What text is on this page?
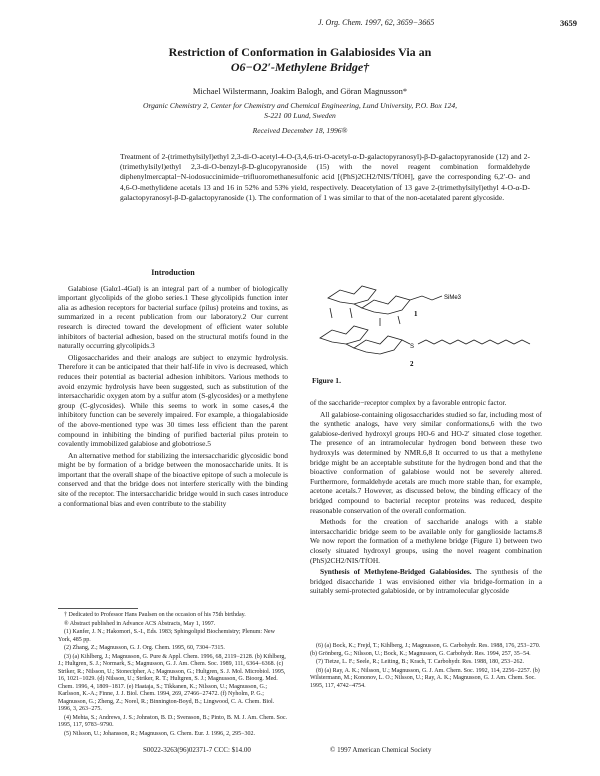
J. Org. Chem. 1997, 62, 3659−3665	3659
Restriction of Conformation in Galabiosides Via an
O6−O2′-Methylene Bridge†
Michael Wilstermann, Joakim Balogh, and Göran Magnusson*
Organic Chemistry 2, Center for Chemistry and Chemical Engineering, Lund University, P.O. Box 124,
S-221 00 Lund, Sweden
Received December 18, 1996®
Treatment of 2-(trimethylsilyl)ethyl 2,3-di-O-acetyl-4-O-(3,4,6-tri-O-acetyl-α-D-galactopyranosyl)-β-D-galactopyranoside (12) and 2-(trimethylsilyl)ethyl 2,3-di-O-benzyl-β-D-glucopyranoside (15) with the novel reagent combination formaldehyde diphenylmercaptal−N-iodosuccinimide−trifluoromethanesulfonic acid [(PhS)2CH2/NIS/TfOH], gave the corresponding 6,2′-O- and 4,6-O-methylidene acetals 13 and 16 in 52% and 53% yield, respectively. Deacetylation of 13 gave 2-(trimethylsilyl)ethyl 4-O-α-D-galactopyranosyl-β-D-galactopyranoside (1). The conformation of 1 was similar to that of the non-acetalated parent glycoside.
Introduction

Galabiose (Galα1-4Gal) is an integral part of a number of biologically important glycolipids of the globo series.1 These glycolipids function inter alia as adhesion receptors for bacterial surface (pilus) proteins and toxins, as summarized in a recent publication from our laboratory.2 Our current research is directed toward the development of efficient water soluble inhibitors of bacterial adhesion, based on the structural motifs found in the naturally occurring glycolipids.3

Oligosaccharides and their analogs are subject to enzymic hydrolysis. Therefore it can be anticipated that their half-life in vivo is decreased, which reduces their potential as bacterial adhesion inhibitors. Various methods to avoid enzymic hydrolysis have been suggested, such as substitution of the intersaccharidic oxygen atom by a sulfur atom (S-glycosides) or a methylene group (C-glycosides). While this seems to work in some cases,4 the inhibitory function can be severely impaired. For example, a thiogalabioside of the above-mentioned type was 30 times less efficient than the parent compound in inhibiting the binding of purified bacterial pilus protein to covalently immobilized galabiose and globotriose.5

An alternative method for stabilizing the intersaccharidic glycosidic bond might be by formation of a bridge between the monosaccharide units. It is important that the overall shape of the bioactive epitope of such a molecule is conserved and that the bridge does not interfere sterically with the binding site of the receptor. The intersaccharidic bridge would in such cases introduce a conformational bias and even contribute to the stability

SiMe3
S
1
2
Figure 1.

of the saccharide−receptor complex by a favorable entropic factor.

All galabiose-containing oligosaccharides studied so far, including most of the synthetic analogs, have very similar conformations,6 with the two galabiose-derived hydroxyl groups HO-6 and HO-2′ situated close together. The presence of an intramolecular hydrogen bond between these two hydroxyls was determined by NMR.6,8 It occurred to us that a methylene bridge might be an acceptable substitute for the hydrogen bond and that the bioactive conformation of galabiose would not be severely altered. Furthermore, formaldehyde acetals are much more stable than, for example, acetone acetals.7 However, as discussed below, the binding efficacy of the bridged compound to bacterial receptor proteins was reduced, despite reasonable conservation of the overall conformation.

Methods for the creation of saccharide analogs with a stable intersaccharidic bridge seem to be available only for ganglioside lactams.8 We now report the formation of a methylene bridge (Figure 1) between two closely situated hydroxyl groups, using the novel reagent combination (PhS)2CH2/NIS/TfOH.

Synthesis of Methylene-Bridged Galabiosides. The synthesis of the bridged disaccharide 1 was envisioned either via bridge-formation in a suitably semi-protected galabioside, or by intramolecular glycoside

† Dedicated to Professor Hans Paulsen on the occasion of his 75th birthday.
® Abstract published in Advance ACS Abstracts, May 1, 1997.
(1) Kanfer, J. N.; Hakomori, S.-I., Eds. 1983; Sphingolipid Biochemistry; Plenum: New York, 485 pp.
(2) Zhang, Z.; Magnusson, G. J. Org. Chem. 1995, 60, 7304−7315.
(3) (a) Kihlberg, J.; Magnusson, G. Pure & Appl. Chem. 1996, 68, 2119−2128. (b) Kihlberg, J.; Hultgren, S. J.; Normark, S.; Magnusson, G. J. Am. Chem. Soc. 1989, 111, 6364−6368. (c) Striker, R.; Nilsson, U.; Stonecipher, A.; Magnusson, G.; Hultgren, S. J. Mol. Microbiol. 1995, 16, 1021−1029. (d) Nilsson, U.; Striker, R. T.; Hultgren, S. J.; Magnusson, G. Bioorg. Med. Chem. 1996, 4, 1809−1817. (e) Haataja, S.; Tikkanen, K.; Nilsson, U.; Magnusson, G.; Karlsson, K.-A.; Finne, J. J. Biol. Chem. 1994, 269, 27466−27472. (f) Nyholm, P. G.; Magnusson, G.; Zheng, Z.; Norel, R.; Binnington-Boyd, B.; Lingwood, C. A. Chem. Biol. 1996, 3, 263−275.
(4) Mehta, S.; Andrews, J. S.; Johnston, B. D.; Svensson, B.; Pinto, B. M. J. Am. Chem. Soc. 1995, 117, 9783−9790.
(5) Nilsson, U.; Johansson, R.; Magnusson, G. Chem. Eur. J. 1996, 2, 295−302.
(6) (a) Bock, K.; Frejd, T.; Kihlberg, J.; Magnusson, G. Carbohydr. Res. 1988, 176, 253−270. (b) Grönberg, G.; Nilsson, U.; Bock, K.; Magnusson, G. Carbohydr. Res. 1994, 257, 35−54.
(7) Tietze, L. F.; Seele, R.; Leiting, B.; Krach, T. Carbohydr. Res. 1988, 180, 253−262.
(8) (a) Ray, A. K.; Nilsson, U.; Magnusson, G. J. Am. Chem. Soc. 1992, 114, 2256−2257. (b) Wilstermann, M.; Kononov, L. O.; Nilsson, U.; Ray, A. K.; Magnusson, G. J. Am. Chem. Soc. 1995, 117, 4742−4754.
S0022-3263(96)02371-7 CCC: $14.00	© 1997 American Chemical Society
